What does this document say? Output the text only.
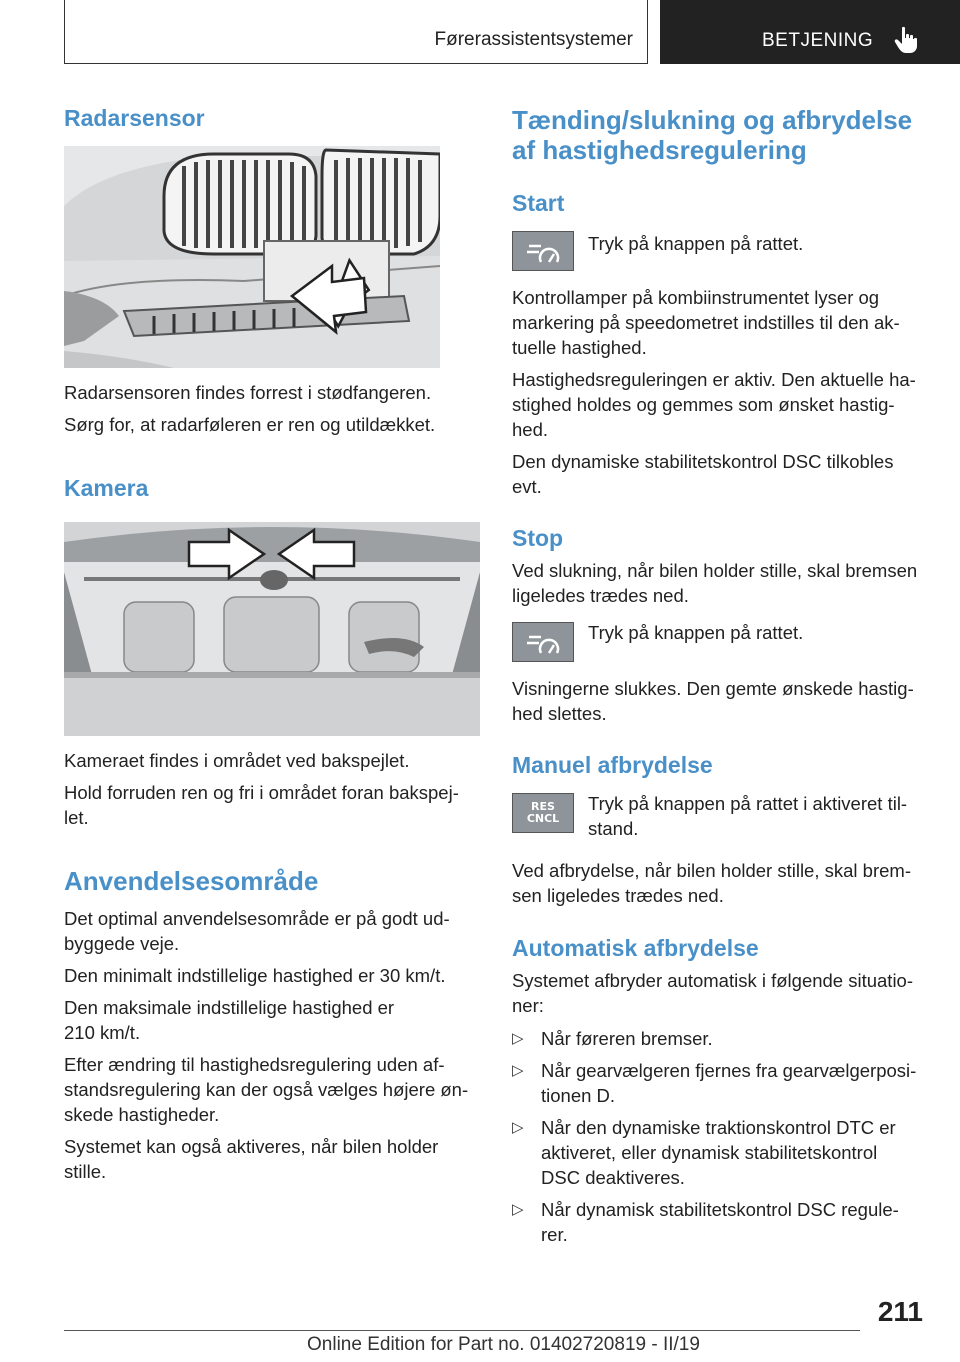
Førerassistentsystemer	BETJENING
Radarsensor

Radarsensoren findes forrest i stødfangeren.

Sørg for, at radarføleren er ren og utildækket.

Kamera

Kameraet findes i området ved bakspejlet.

Hold forruden ren og fri i området foran bakspej-

let.

Anvendelsesområde

Det optimal anvendelsesområde er på godt ud-

byggede veje.

Den minimalt indstillelige hastighed er 30 km/t.

Den maksimale indstillelige hastighed er

210 km/t.

Efter ændring til hastighedsregulering uden af-

standsregulering kan der også vælges højere øn-

skede hastigheder.

Systemet kan også aktiveres, når bilen holder

stille.

Tænding/slukning og afbrydelse
af hastighedsregulering
Start

Tryk på knappen på rattet.

Kontrollamper på kombiinstrumentet lyser og

markering på speedometret indstilles til den ak-

tuelle hastighed.

Hastighedsreguleringen er aktiv. Den aktuelle ha-

stighed holdes og gemmes som ønsket hastig-

hed.

Den dynamiske stabilitetskontrol DSC tilkobles

evt.

Stop

Ved slukning, når bilen holder stille, skal bremsen

ligeledes trædes ned.

Tryk på knappen på rattet.

Visningerne slukkes. Den gemte ønskede hastig-

hed slettes.

Manuel afbrydelse
RES
CNCL

Tryk på knappen på rattet i aktiveret til-

stand.

Ved afbrydelse, når bilen holder stille, skal brem-

sen ligeledes trædes ned.

Automatisk afbrydelse

Systemet afbryder automatisk i følgende situatio-

ner:

▷ Når føreren bremser.
▷ Når gearvælgeren fjernes fra gearvælgerposi-
tionen D.
▷ Når den dynamiske traktionskontrol DTC er
aktiveret, eller dynamisk stabilitetskontrol
DSC deaktiveres.
▷ Når dynamisk stabilitetskontrol DSC regule-
rer.
211
Online Edition for Part no. 01402720819 - II/19
